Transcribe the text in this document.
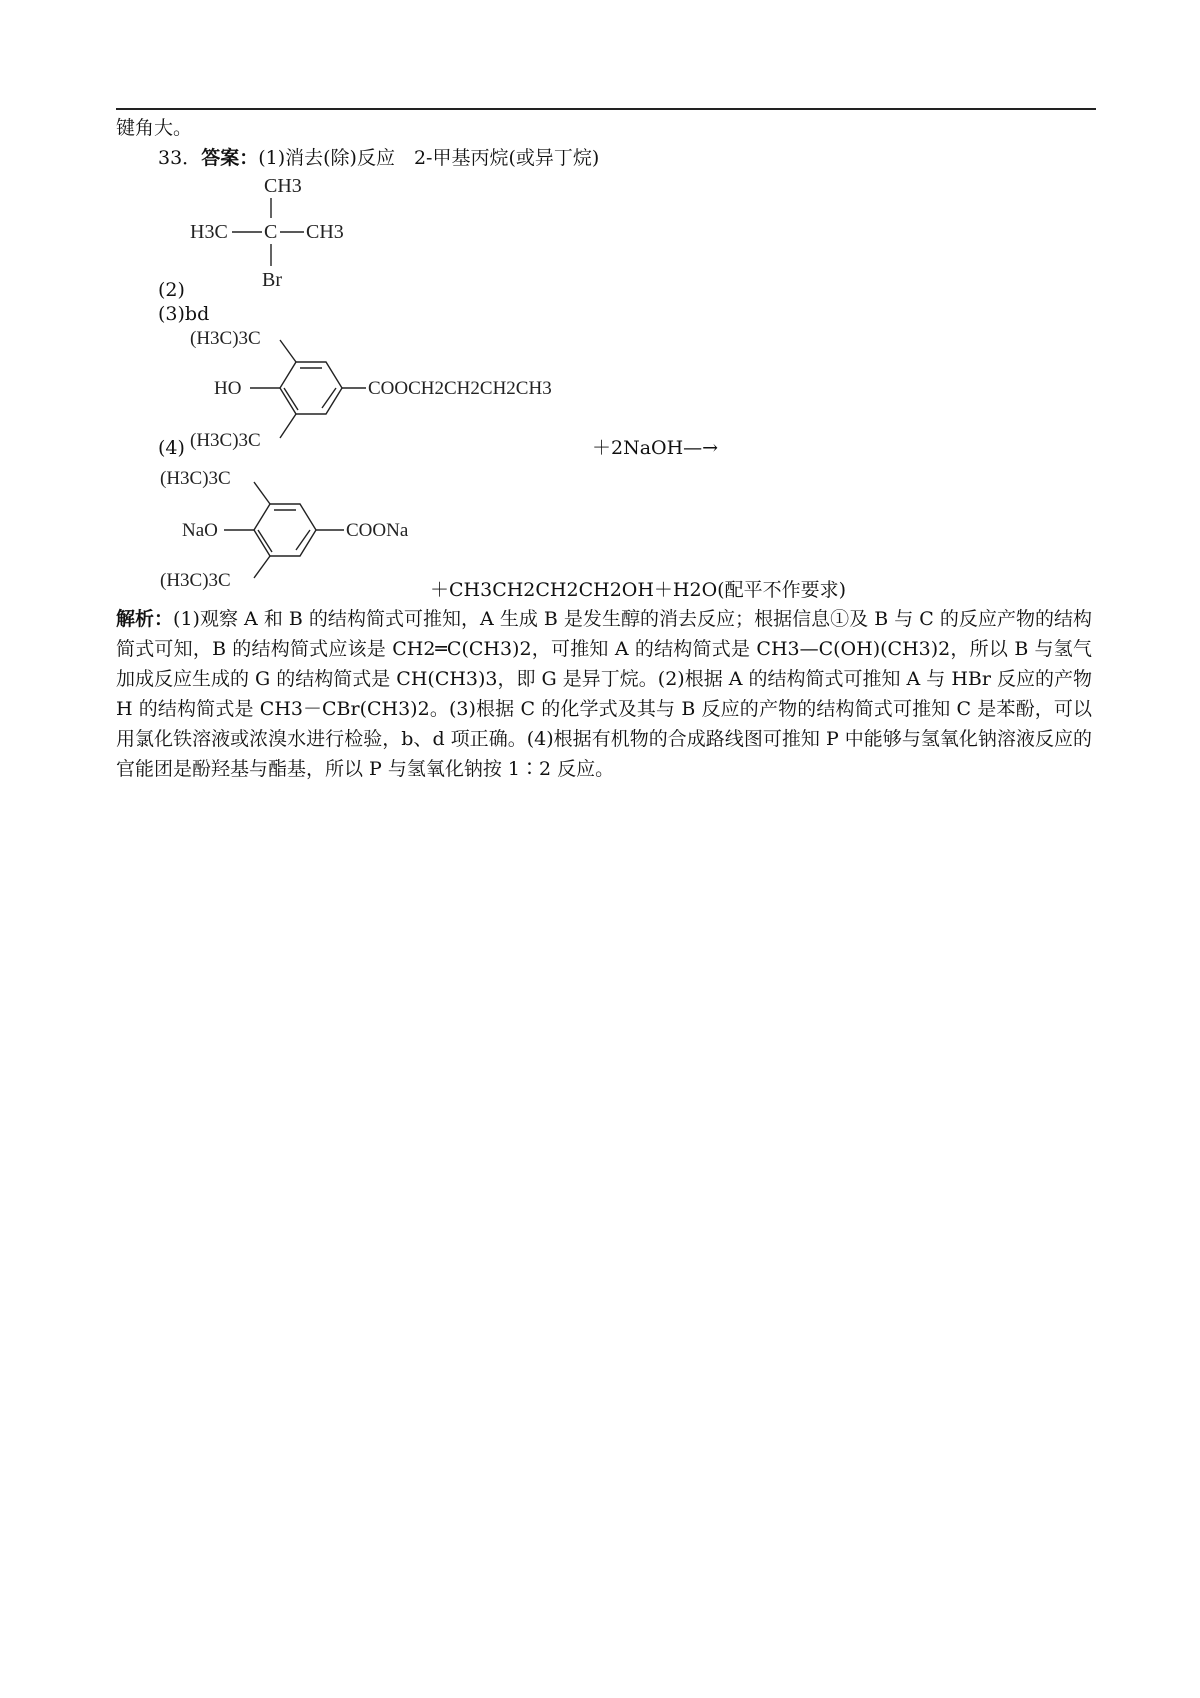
键角大。
33．答案：(1)消去(除)反应　2-甲基丙烷(或异丁烷)
CH3
H3C C CH3
Br
(2)
(3)bd
(H3C)3C
HO	COOCH2CH2CH2CH3
(H3C)3C
(4)	＋2NaOH—→
(H3C)3C
NaO	COONa
(H3C)3C	＋CH3CH2CH2CH2OH＋H2O(配平不作要求)

解析：(1)观察 A 和 B 的结构简式可推知，A 生成 B 是发生醇的消去反应；根据信息①及 B 与 C 的反应产物的结构简式可知，B 的结构简式应该是 CH2═C(CH3)2，可推知 A 的结构简式是 CH3—C(OH)(CH3)2，所以 B 与氢气加成反应生成的 G 的结构简式是 CH(CH3)3，即 G 是异丁烷。(2)根据 A 的结构简式可推知 A 与 HBr 反应的产物 H 的结构简式是 CH3－CBr(CH3)2。(3)根据 C 的化学式及其与 B 反应的产物的结构简式可推知 C 是苯酚，可以用氯化铁溶液或浓溴水进行检验，b、d 项正确。(4)根据有机物的合成路线图可推知 P 中能够与氢氧化钠溶液反应的官能团是酚羟基与酯基，所以 P 与氢氧化钠按 1∶2 反应。
